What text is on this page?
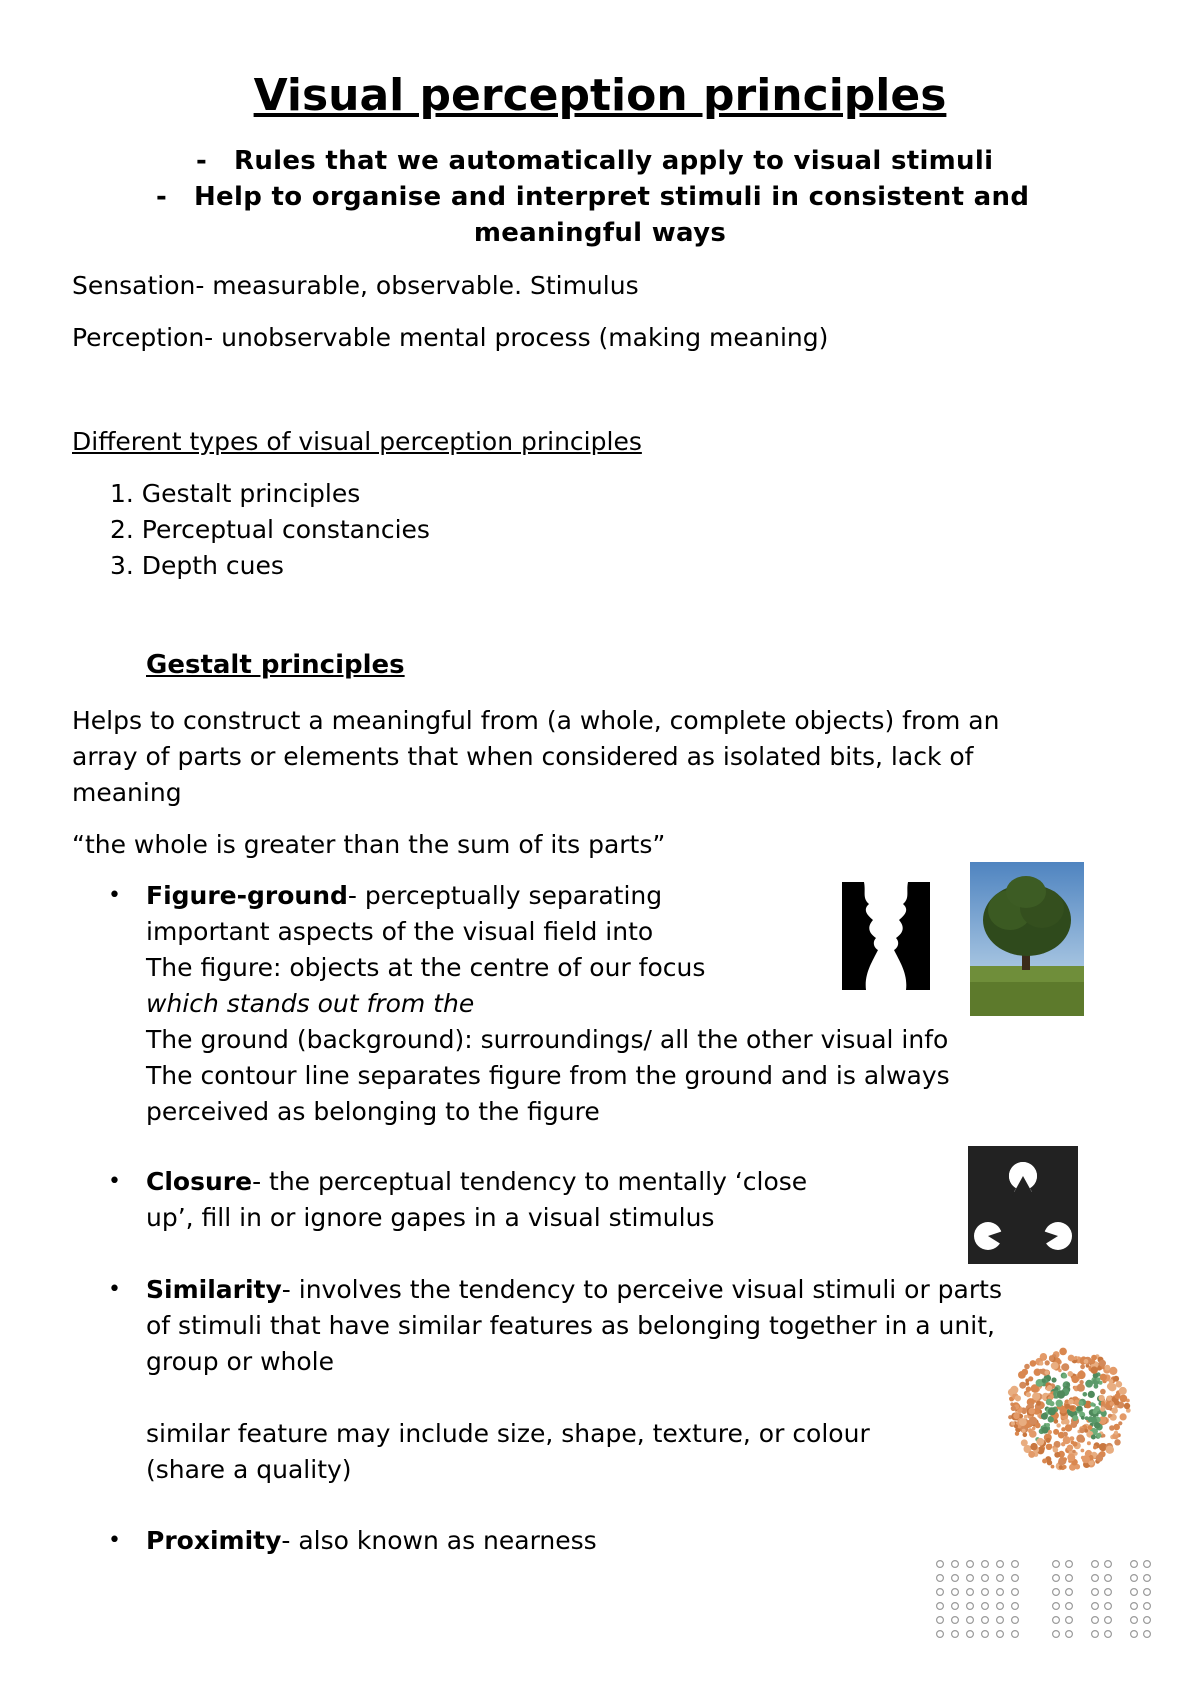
Visual perception principles
- Rules that we automatically apply to visual stimuli
- Help to organise and interpret stimuli in consistent and
meaningful ways
Sensation- measurable, observable. Stimulus
Perception- unobservable mental process (making meaning)
Different types of visual perception principles
1. Gestalt principles
2. Perceptual constancies
3. Depth cues
Gestalt principles
Helps to construct a meaningful from (a whole, complete objects) from an
array of parts or elements that when considered as isolated bits, lack of
meaning
“the whole is greater than the sum of its parts”
• Figure-ground- perceptually separating
important aspects of the visual field into
The figure: objects at the centre of our focus
which stands out from the
The ground (background): surroundings/ all the other visual info
The contour line separates figure from the ground and is always
perceived as belonging to the figure
• Closure- the perceptual tendency to mentally ‘close
up’, fill in or ignore gapes in a visual stimulus
• Similarity- involves the tendency to perceive visual stimuli or parts
of stimuli that have similar features as belonging together in a unit,
group or whole
similar feature may include size, shape, texture, or colour
(share a quality)
• Proximity- also known as nearness
